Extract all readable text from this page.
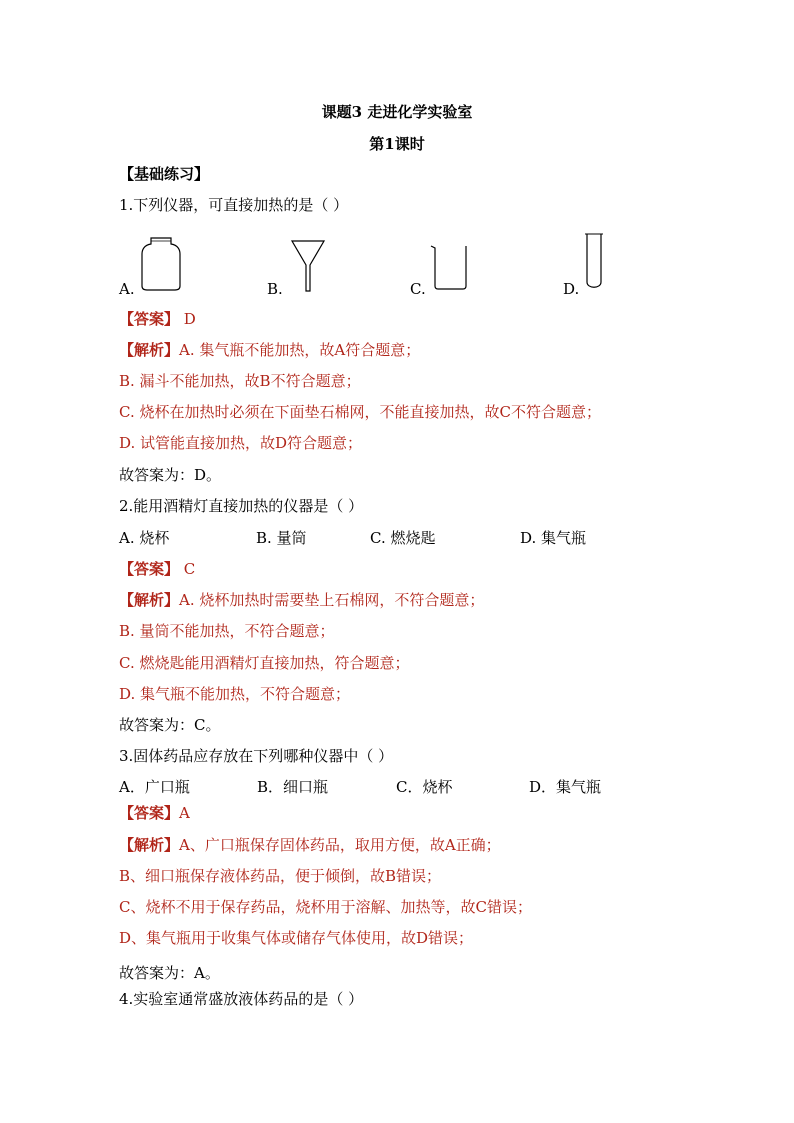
课题3 走进化学实验室
第1课时
【基础练习】
1.下列仪器，可直接加热的是（ ）
A.	B.	C.	D.
【答案】 D
【解析】A. 集气瓶不能加热，故A符合题意；
B. 漏斗不能加热，故B不符合题意；
C. 烧杯在加热时必须在下面垫石棉网，不能直接加热，故C不符合题意；
D. 试管能直接加热，故D符合题意；
故答案为：D。
2.能用酒精灯直接加热的仪器是（ ）
A. 烧杯	B. 量筒	C. 燃烧匙	D. 集气瓶
【答案】 C
【解析】A. 烧杯加热时需要垫上石棉网，不符合题意；
B. 量筒不能加热，不符合题意；
C. 燃烧匙能用酒精灯直接加热，符合题意；
D. 集气瓶不能加热，不符合题意；
故答案为：C。
3.固体药品应存放在下列哪种仪器中（ ）
A．广口瓶	B．细口瓶	C．烧杯	D．集气瓶
【答案】A
【解析】A、广口瓶保存固体药品，取用方便，故A正确；
B、细口瓶保存液体药品，便于倾倒，故B错误；
C、烧杯不用于保存药品，烧杯用于溶解、加热等，故C错误；
D、集气瓶用于收集气体或储存气体使用，故D错误；
故答案为：A。
4.实验室通常盛放液体药品的是（ ）
